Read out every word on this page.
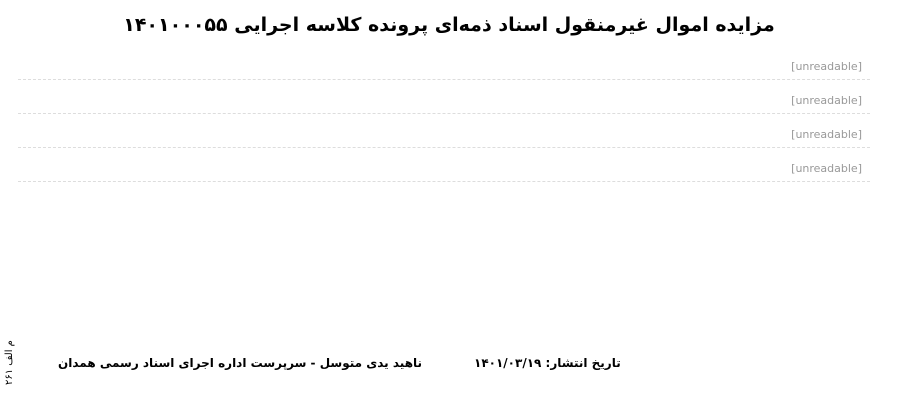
مزایده اموال غیرمنقول اسناد ذمه‌ای پرونده کلاسه اجرایی ۱۴۰۱۰۰۰۵۵
[unreadable]
[unreadable]
[unreadable]
[unreadable]
م الف ۲۶۱	ناهید یدی متوسل - سرپرست اداره اجرای اسناد رسمی همدان	تاریخ انتشار: ۱۴۰۱/۰۳/۱۹
